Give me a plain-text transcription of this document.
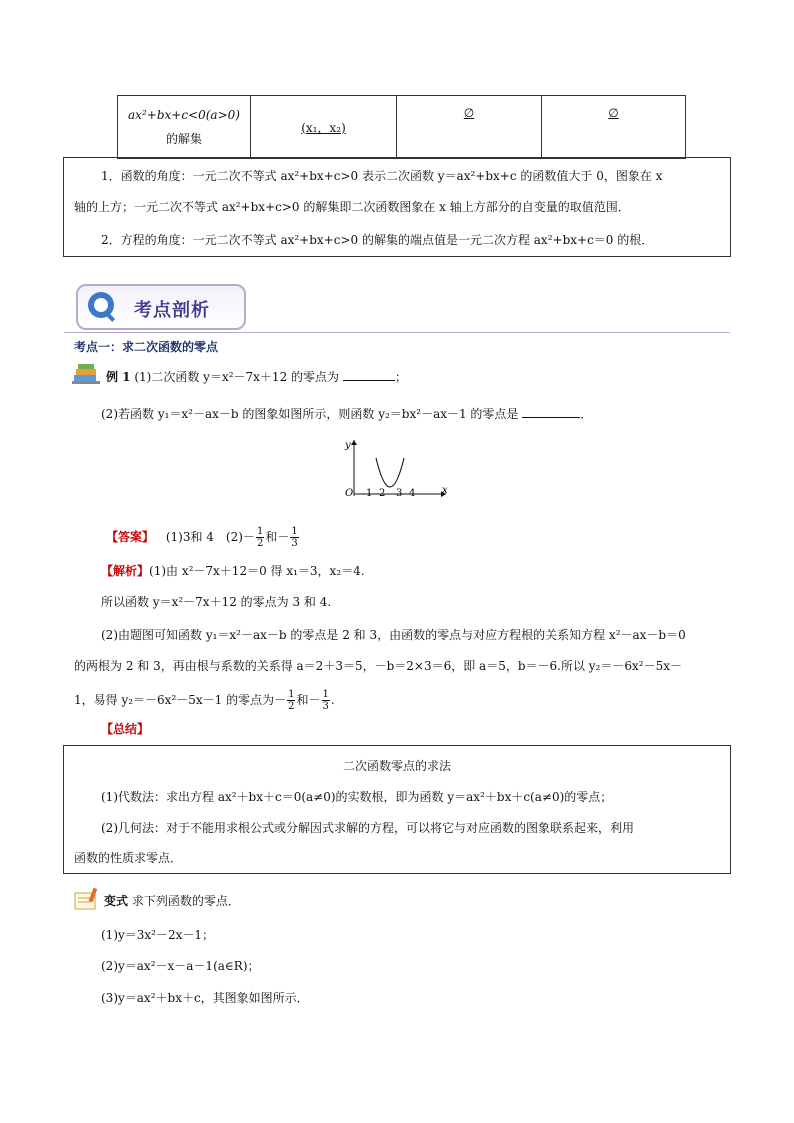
ax²+bx+c<0(a>0)
的解集
	(x₁，x₂)	∅	∅
1．函数的角度：一元二次不等式 ax²+bx+c>0 表示二次函数 y＝ax²+bx+c 的函数值大于 0，图象在 x
轴的上方；一元二次不等式 ax²+bx+c>0 的解集即二次函数图象在 x 轴上方部分的自变量的取值范围．
2．方程的角度：一元二次不等式 ax²+bx+c>0 的解集的端点值是一元二次方程 ax²+bx+c＝0 的根．
考点剖析
考点一：求二次函数的零点
例 1 (1)二次函数 y＝x²－7x＋12 的零点为	；
(2)若函数 y₁＝x²－ax－b 的图象如图所示，则函数 y₂＝bx²－ax－1 的零点是	．
y
x
O 1 2 3 4
【答案】 (1)3和 4　$(2)- \frac{1}{2}$ 和－ $\frac{1}{3}$
【解析】(1)由 x²－7x＋12＝0 得 x₁＝3，x₂＝4.
所以函数 y＝x²－7x＋12 的零点为 3 和 4.
(2)由题图可知函数 y₁＝x²－ax－b 的零点是 2 和 3，由函数的零点与对应方程根的关系知方程 x²－ax－b＝0
的两根为 2 和 3，再由根与系数的关系得 a＝2＋3＝5，－b＝2×3＝6，即 a＝5，b＝－6.所以 y₂＝－6x²－5x－
1，易得 y₂＝－6x²－5x－1 的零点为－ $\frac{1}{2}$ 和－ $\frac{1}{3}$ .
【总结】
二次函数零点的求法
(1)代数法：求出方程 ax²＋bx＋c＝0(a≠0)的实数根，即为函数 y＝ax²＋bx＋c(a≠0)的零点；
(2)几何法：对于不能用求根公式或分解因式求解的方程，可以将它与对应函数的图象联系起来，利用
函数的性质求零点．
变式 求下列函数的零点．
(1)y＝3x²－2x－1；
(2)y＝ax²－x－a－1(a∈R)；
(3)y＝ax²＋bx＋c，其图象如图所示．
